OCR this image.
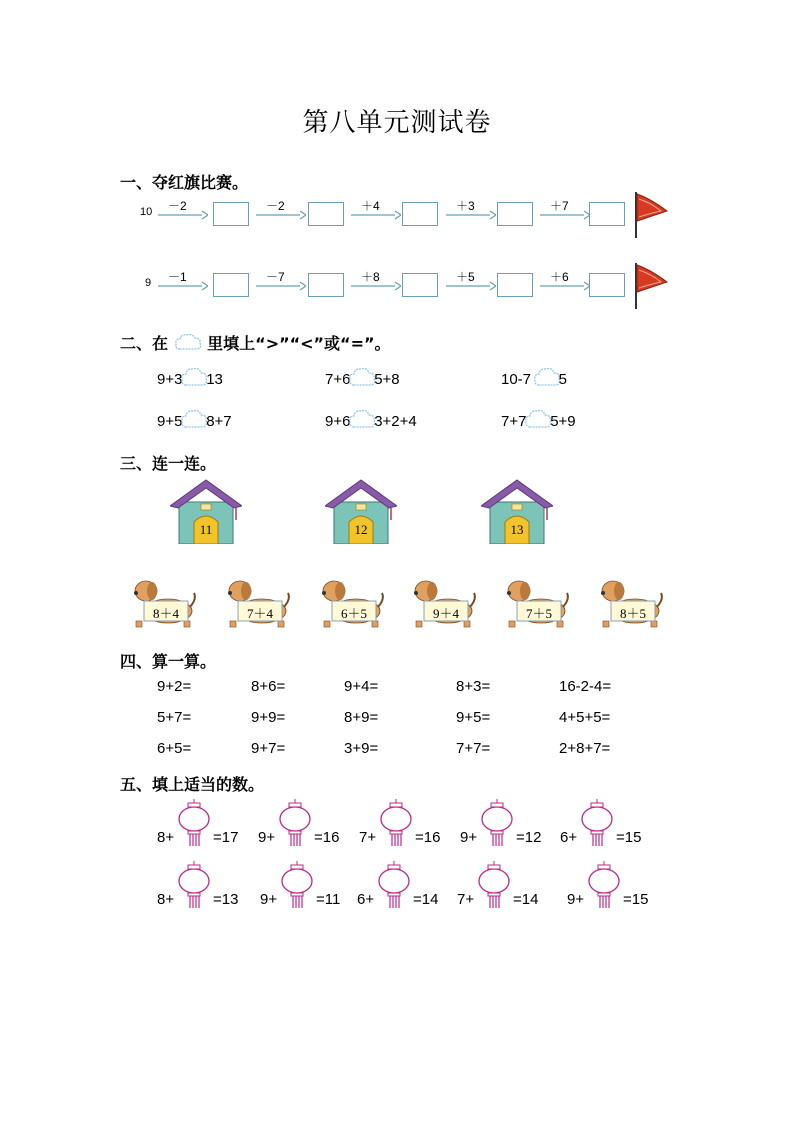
第八单元测试卷
一、夺红旗比赛。
10 －2	－2	＋4	＋3	＋7
9 －1	－7	＋8	＋5	＋6
二、在 里填上“>”“<”或“=”。
9+3 13	7+6 5+8	10-7 5
9+5 8+7	9+6 3+2+4	7+7 5+9
三、连一连。
11	12	13
8＋4	7＋4	6＋5	9＋4	7＋5	8＋5
四、算一算。
9+2=	8+6=	9+4=	8+3=	16-2-4=
5+7=	9+9=	8+9=	9+5=	4+5+5=
6+5=	9+7=	3+9=	7+7=	2+8+7=
五、填上适当的数。
8+	=17 9+	=16 7+	=16 9+	=12 6+	=15
8+	=13 9+	=11 6+	=14 7+	=14 9+	=15
